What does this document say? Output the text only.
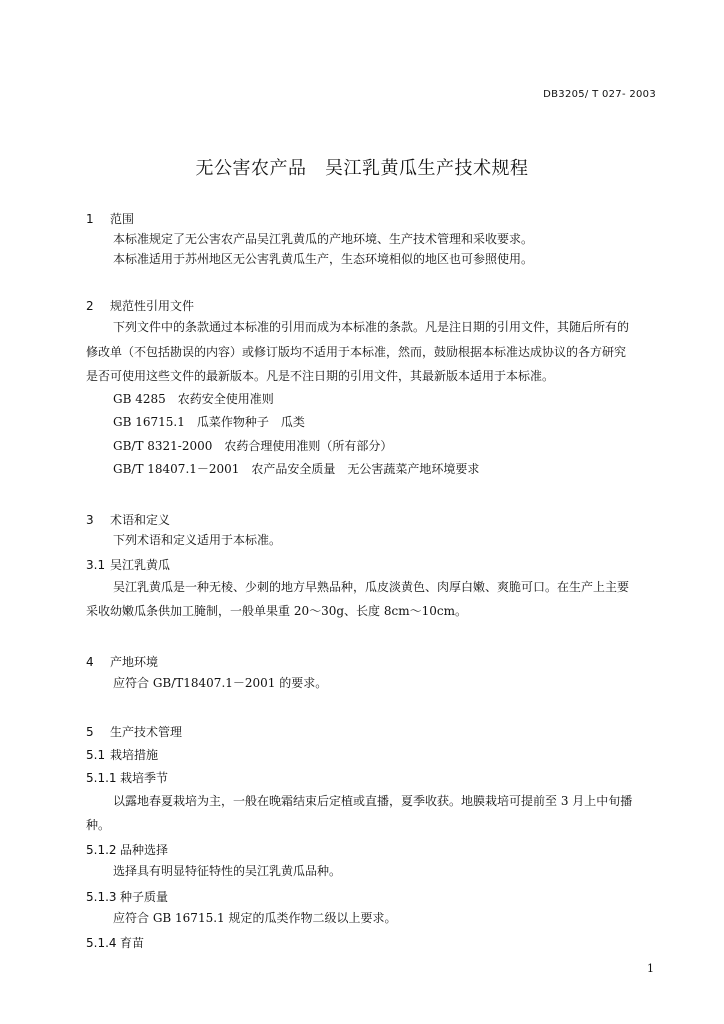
DB3205/ T 027- 2003
无公害农产品　吴江乳黄瓜生产技术规程
1 范围
本标准规定了无公害农产品吴江乳黄瓜的产地环境、生产技术管理和采收要求。
本标准适用于苏州地区无公害乳黄瓜生产，生态环境相似的地区也可参照使用。
2 规范性引用文件
下列文件中的条款通过本标准的引用而成为本标准的条款。凡是注日期的引用文件，其随后所有的
修改单（不包括勘误的内容）或修订版均不适用于本标准，然而，鼓励根据本标准达成协议的各方研究
是否可使用这些文件的最新版本。凡是不注日期的引用文件，其最新版本适用于本标准。
GB 4285　农药安全使用准则
GB 16715.1　瓜菜作物种子　瓜类
GB/T 8321-2000　农药合理使用准则（所有部分）
GB/T 18407.1－2001　农产品安全质量　无公害蔬菜产地环境要求
3 术语和定义
下列术语和定义适用于本标准。
3.1 吴江乳黄瓜
吴江乳黄瓜是一种无棱、少刺的地方早熟品种，瓜皮淡黄色、肉厚白嫩、爽脆可口。在生产上主要
采收幼嫩瓜条供加工腌制，一般单果重 20～30g、长度 8cm～10cm。
4 产地环境
应符合 GB/T18407.1－2001 的要求。
5 生产技术管理
5.1 栽培措施
5.1.1 栽培季节
以露地春夏栽培为主，一般在晚霜结束后定植或直播，夏季收获。地膜栽培可提前至 3 月上中旬播
种。
5.1.2 品种选择
选择具有明显特征特性的吴江乳黄瓜品种。
5.1.3 种子质量
应符合 GB 16715.1 规定的瓜类作物二级以上要求。
5.1.4 育苗
1
